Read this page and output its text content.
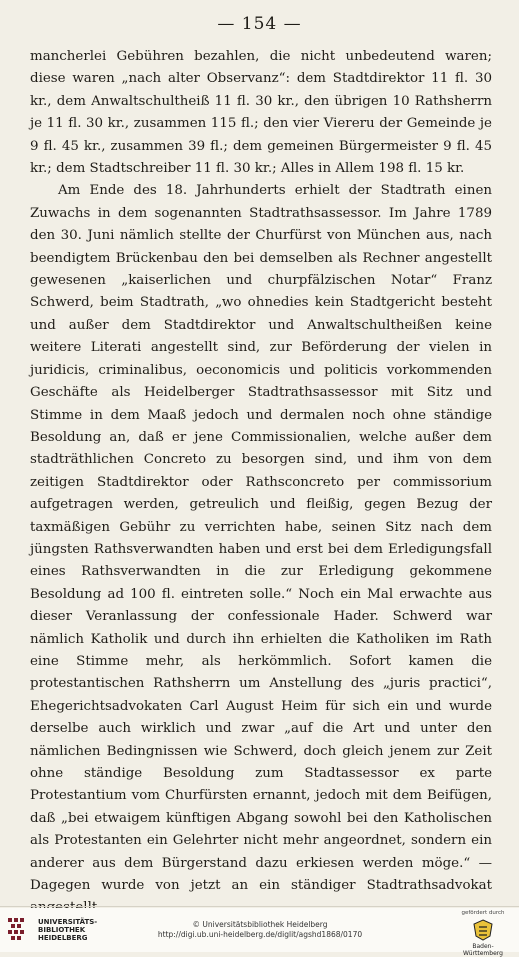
— 154 —

mancherlei Gebühren bezahlen, die nicht unbedeutend waren; diese waren „nach alter Observanz“: dem Stadtdirektor 11 fl. 30 kr., dem Anwaltschultheiß 11 fl. 30 kr., den übrigen 10 Rathsherrn je 11 fl. 30 kr., zusammen 115 fl.; den vier Viereru der Gemeinde je 9 fl. 45 kr., zusammen 39 fl.; dem gemeinen Bürgermeister 9 fl. 45 kr.; dem Stadtschreiber 11 fl. 30 kr.; Alles in Allem 198 fl. 15 kr.

Am Ende des 18. Jahrhunderts erhielt der Stadtrath einen Zuwachs in dem sogenannten Stadtrathsassessor. Im Jahre 1789 den 30. Juni nämlich stellte der Churfürst von München aus, nach beendigtem Brückenbau den bei demselben als Rechner angestellt gewesenen „kaiserlichen und churpfälzischen Notar“ Franz Schwerd, beim Stadtrath, „wo ohnedies kein Stadtgericht besteht und außer dem Stadtdirektor und Anwaltschultheißen keine weitere Literati angestellt sind, zur Beförderung der vielen in juridicis, criminalibus, oeconomicis und politicis vorkommenden Geschäfte als Heidelberger Stadtrathsassessor mit Sitz und Stimme in dem Maaß jedoch und dermalen noch ohne ständige Besoldung an, daß er jene Commissionalien, welche außer dem stadträthlichen Concreto zu besorgen sind, und ihm von dem zeitigen Stadtdirektor oder Rathsconcreto per commissorium aufgetragen werden, getreulich und fleißig, gegen Bezug der taxmäßigen Gebühr zu verrichten habe, seinen Sitz nach dem jüngsten Rathsverwandten haben und erst bei dem Erledigungsfall eines Rathsverwandten in die zur Erledigung gekommene Besoldung ad 100 fl. eintreten solle.“ Noch ein Mal erwachte aus dieser Veranlassung der confessionale Hader. Schwerd war nämlich Katholik und durch ihn erhielten die Katholiken im Rath eine Stimme mehr, als herkömmlich. Sofort kamen die protestantischen Rathsherrn um Anstellung des „juris practici“, Ehegerichtsadvokaten Carl August Heim für sich ein und wurde derselbe auch wirklich und zwar „auf die Art und unter den nämlichen Bedingnissen wie Schwerd, doch gleich jenem zur Zeit ohne ständige Besoldung zum Stadtassessor ex parte Protestantium vom Churfürsten ernannt, jedoch mit dem Beifügen, daß „bei etwaigem künftigen Abgang sowohl bei den Katholischen als Protestanten ein Gelehrter nicht mehr angeordnet, sondern ein anderer aus dem Bürgerstand dazu erkiesen werden möge.“ — Dagegen wurde von jetzt an ein ständiger Stadtrathsadvokat

UNIVERSITÄTS-
BIBLIOTHEK
HEIDELBERG
© Universitätsbibliothek Heidelberg
http://digi.ub.uni-heidelberg.de/diglit/agshd1868/0170
gefördert durch
Baden-Württemberg
